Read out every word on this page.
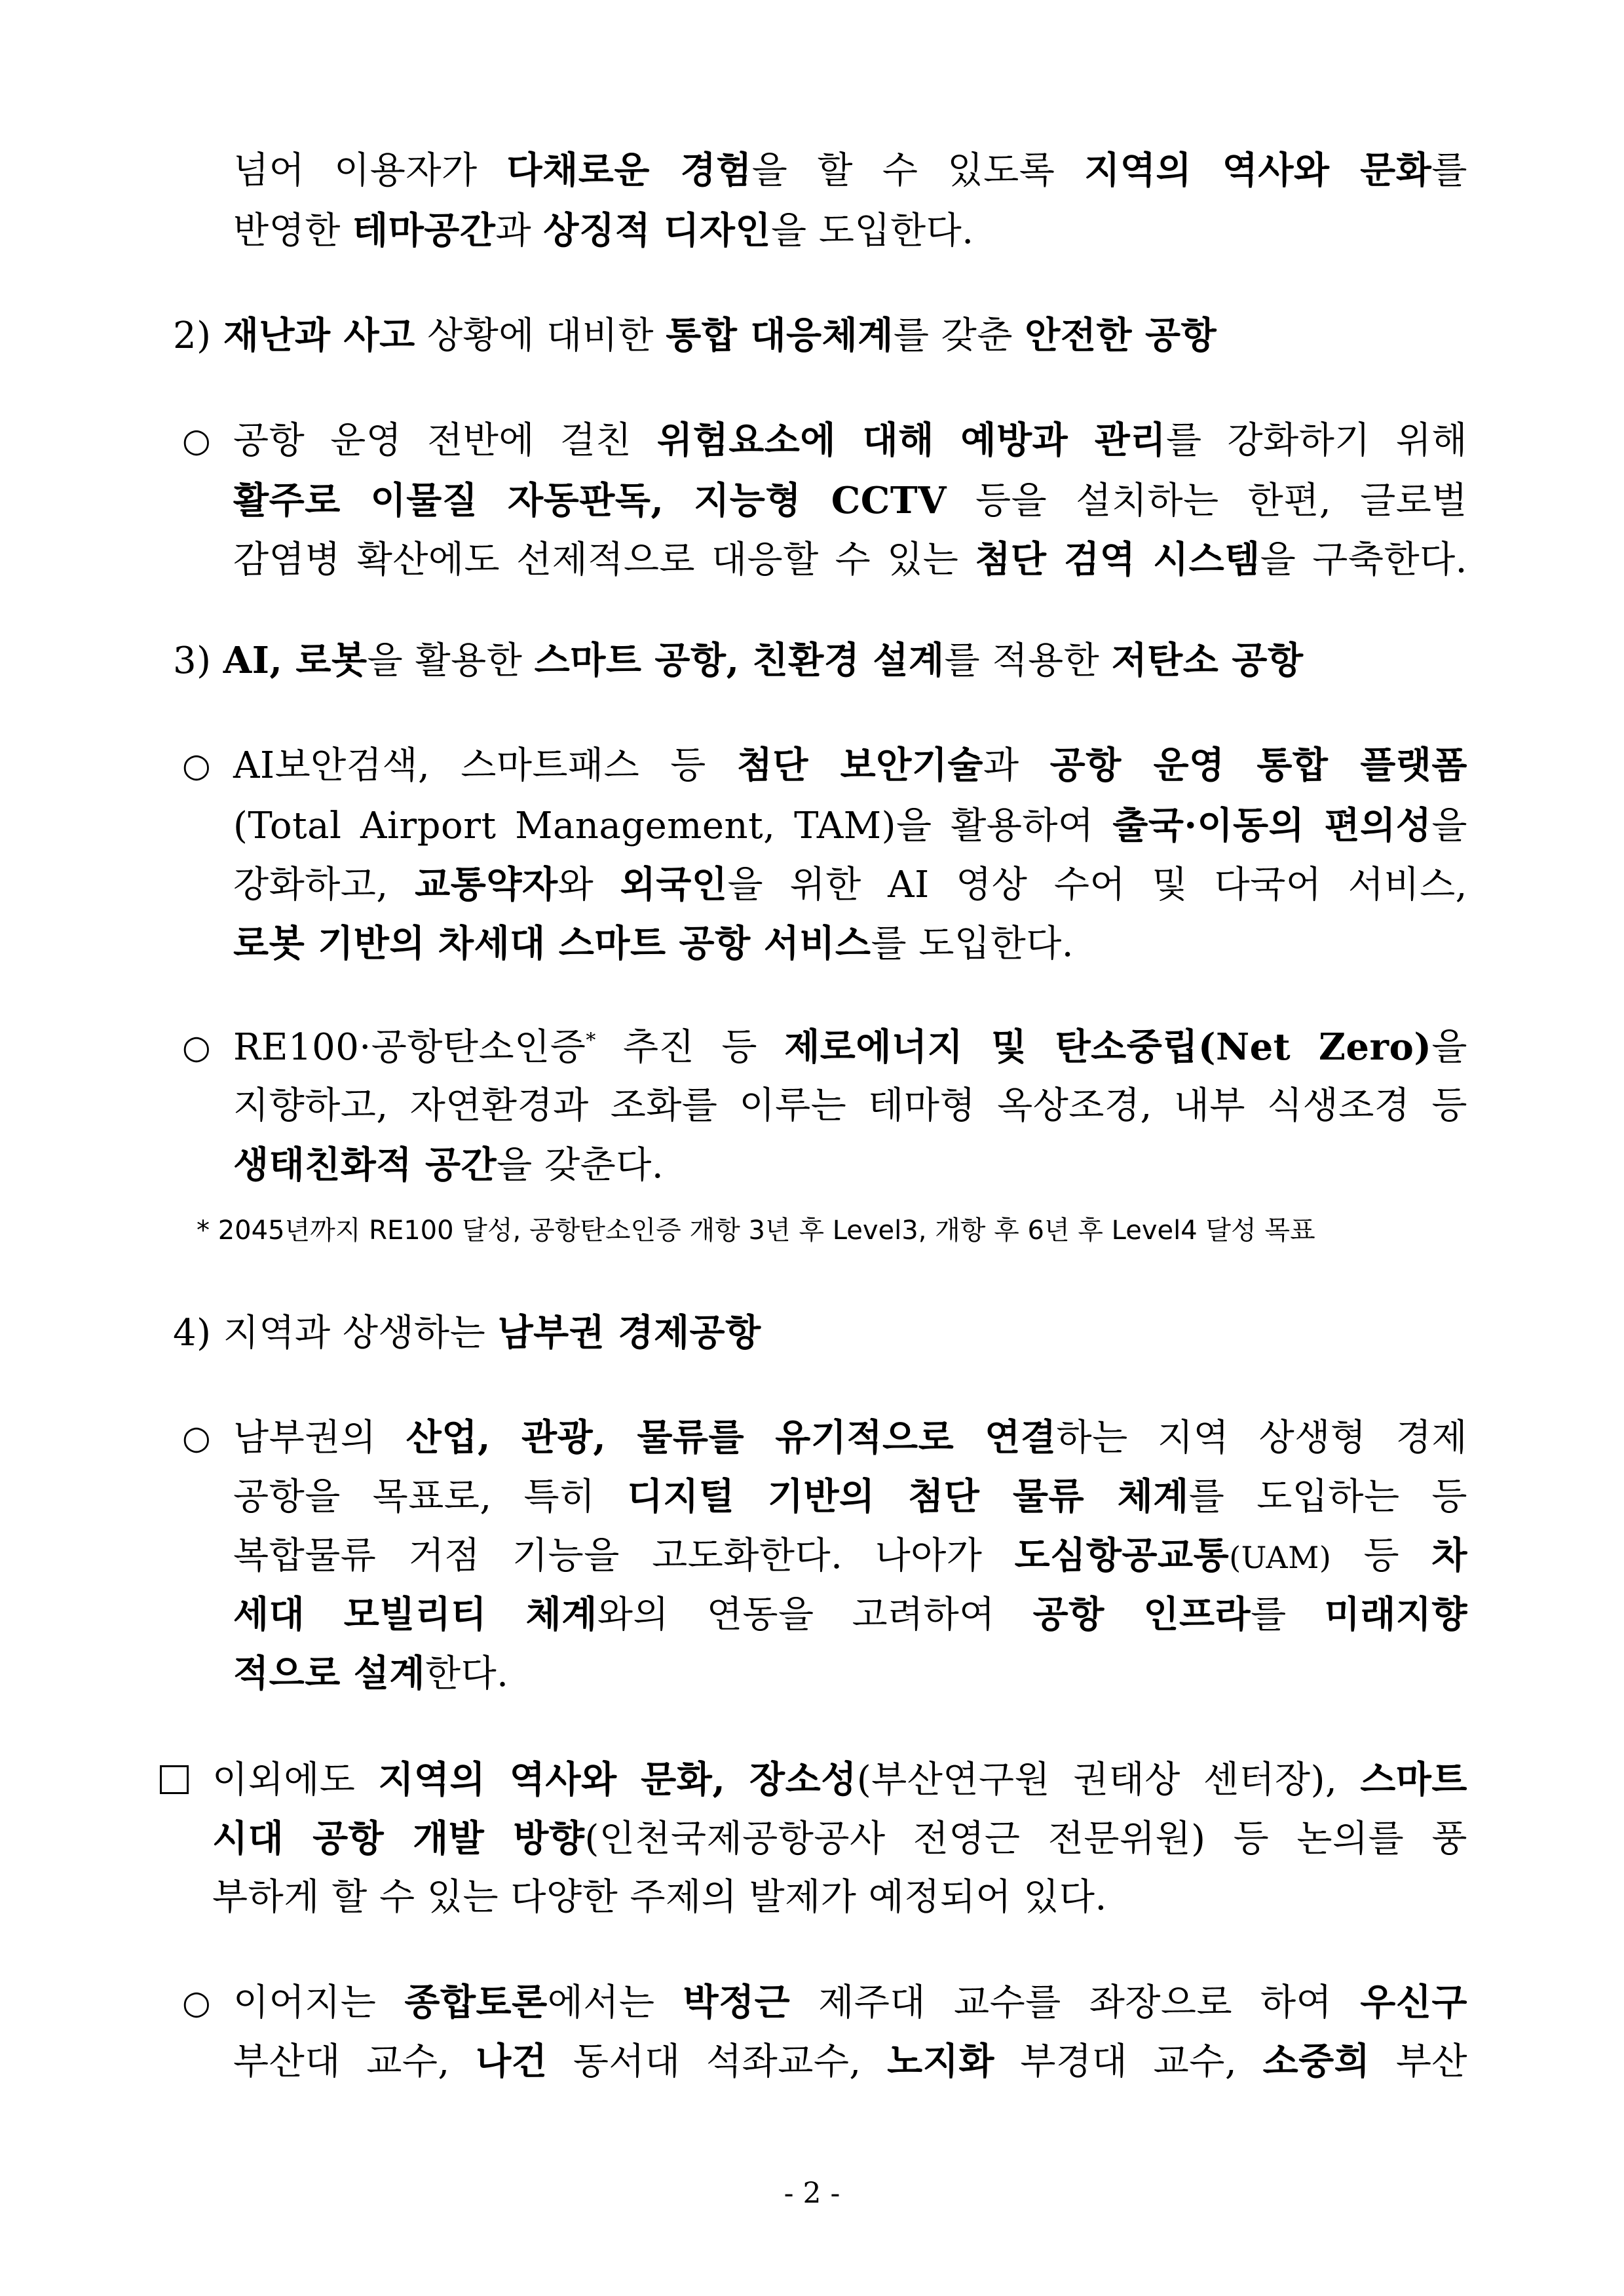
넘어 이용자가 다채로운 경험을 할 수 있도록 지역의 역사와 문화를
반영한 테마공간과 상징적 디자인을 도입한다.
2) 재난과 사고 상황에 대비한 통합 대응체계를 갖춘 안전한 공항
○ 공항 운영 전반에 걸친 위험요소에 대해 예방과 관리를 강화하기 위해
활주로 이물질 자동판독, 지능형 CCTV 등을 설치하는 한편, 글로벌
감염병 확산에도 선제적으로 대응할 수 있는 첨단 검역 시스템을 구축한다.
3) AI, 로봇을 활용한 스마트 공항, 친환경 설계를 적용한 저탄소 공항
○ AI보안검색, 스마트패스 등 첨단 보안기술과 공항 운영 통합 플랫폼
(Total Airport Management, TAM)을 활용하여 출국·이동의 편의성을
강화하고, 교통약자와 외국인을 위한 AI 영상 수어 및 다국어 서비스,
로봇 기반의 차세대 스마트 공항 서비스를 도입한다.
○ RE100·공항탄소인증* 추진 등 제로에너지 및 탄소중립(Net Zero)을
지향하고, 자연환경과 조화를 이루는 테마형 옥상조경, 내부 식생조경 등
생태친화적 공간을 갖춘다.
* 2045년까지 RE100 달성, 공항탄소인증 개항 3년 후 Level3, 개항 후 6년 후 Level4 달성 목표
4) 지역과 상생하는 남부권 경제공항
○ 남부권의 산업, 관광, 물류를 유기적으로 연결하는 지역 상생형 경제
공항을 목표로, 특히 디지털 기반의 첨단 물류 체계를 도입하는 등
복합물류 거점 기능을 고도화한다. 나아가 도심항공교통(UAM) 등 차
세대 모빌리티 체계와의 연동을 고려하여 공항 인프라를 미래지향
적으로 설계한다.
이외에도 지역의 역사와 문화, 장소성(부산연구원 권태상 센터장), 스마트
시대 공항 개발 방향(인천국제공항공사 전영근 전문위원) 등 논의를 풍
부하게 할 수 있는 다양한 주제의 발제가 예정되어 있다.
○ 이어지는 종합토론에서는 박정근 제주대 교수를 좌장으로 하여 우신구
부산대 교수, 나건 동서대 석좌교수, 노지화 부경대 교수, 소중희 부산
- 2 -
